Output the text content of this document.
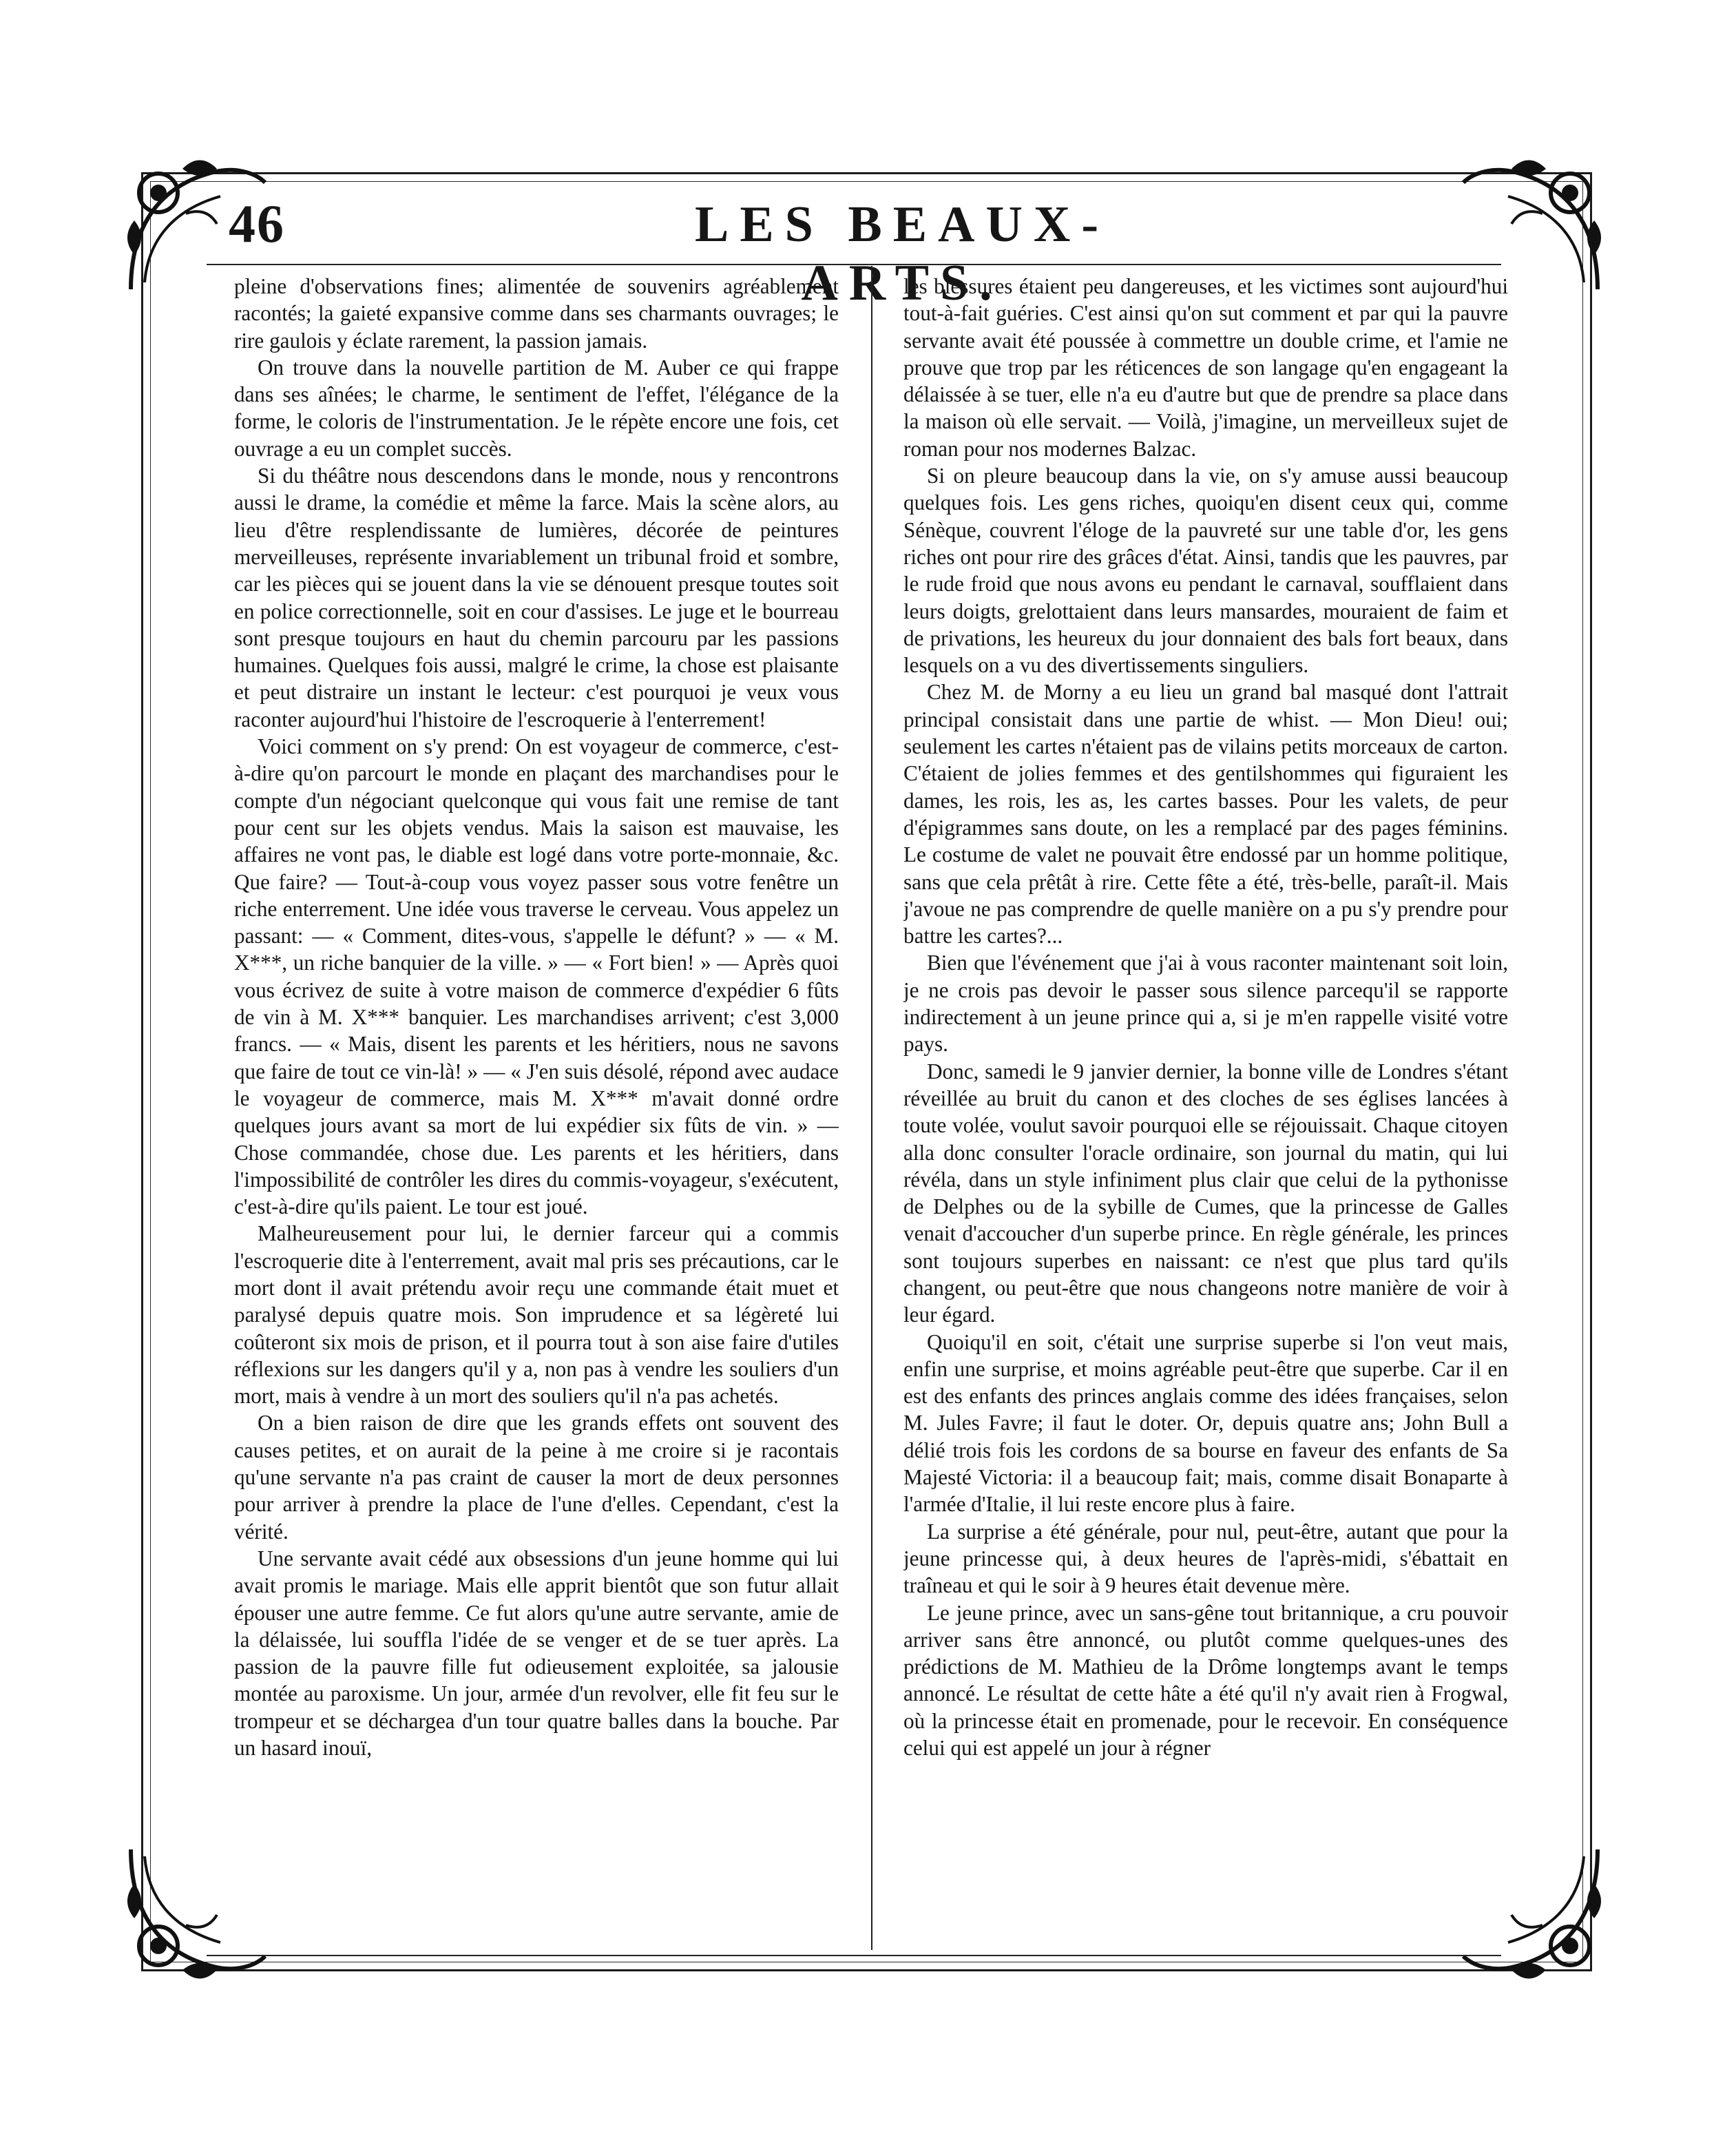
46	LES BEAUX-ARTS.

pleine d'observations fines; alimentée de souvenirs agréablement racontés; la gaieté expansive comme dans ses charmants ouvrages; le rire gaulois y éclate rarement, la passion jamais.

On trouve dans la nouvelle partition de M. Auber ce qui frappe dans ses aînées; le charme, le sentiment de l'effet, l'élégance de la forme, le coloris de l'instrumentation. Je le répète encore une fois, cet ouvrage a eu un complet succès.

Si du théâtre nous descendons dans le monde, nous y rencontrons aussi le drame, la comédie et même la farce. Mais la scène alors, au lieu d'être resplendissante de lumières, décorée de peintures merveilleuses, représente invariablement un tribunal froid et sombre, car les pièces qui se jouent dans la vie se dénouent presque toutes soit en police correctionnelle, soit en cour d'assises. Le juge et le bourreau sont presque toujours en haut du chemin parcouru par les passions humaines. Quelques fois aussi, malgré le crime, la chose est plaisante et peut distraire un instant le lecteur: c'est pourquoi je veux vous raconter aujourd'hui l'histoire de l'escroquerie à l'enterrement!

Voici comment on s'y prend: On est voyageur de commerce, c'est-à-dire qu'on parcourt le monde en plaçant des marchandises pour le compte d'un négociant quelconque qui vous fait une remise de tant pour cent sur les objets vendus. Mais la saison est mauvaise, les affaires ne vont pas, le diable est logé dans votre porte-monnaie, &c. Que faire? — Tout-à-coup vous voyez passer sous votre fenêtre un riche enterrement. Une idée vous traverse le cerveau. Vous appelez un passant: — « Comment, dites-vous, s'appelle le défunt? » — « M. X***, un riche banquier de la ville. » — « Fort bien! » — Après quoi vous écrivez de suite à votre maison de commerce d'expédier 6 fûts de vin à M. X*** banquier. Les marchandises arrivent; c'est 3,000 francs. — « Mais, disent les parents et les héritiers, nous ne savons que faire de tout ce vin-là! » — « J'en suis désolé, répond avec audace le voyageur de commerce, mais M. X*** m'avait donné ordre quelques jours avant sa mort de lui expédier six fûts de vin. » — Chose commandée, chose due. Les parents et les héritiers, dans l'impossibilité de contrôler les dires du commis-voyageur, s'exécutent, c'est-à-dire qu'ils paient. Le tour est joué.

Malheureusement pour lui, le dernier farceur qui a commis l'escroquerie dite à l'enterrement, avait mal pris ses précautions, car le mort dont il avait prétendu avoir reçu une commande était muet et paralysé depuis quatre mois. Son imprudence et sa légèreté lui coûteront six mois de prison, et il pourra tout à son aise faire d'utiles réflexions sur les dangers qu'il y a, non pas à vendre les souliers d'un mort, mais à vendre à un mort des souliers qu'il n'a pas achetés.

On a bien raison de dire que les grands effets ont souvent des causes petites, et on aurait de la peine à me croire si je racontais qu'une servante n'a pas craint de causer la mort de deux personnes pour arriver à prendre la place de l'une d'elles. Cependant, c'est la vérité.

Une servante avait cédé aux obsessions d'un jeune homme qui lui avait promis le mariage. Mais elle apprit bientôt que son futur allait épouser une autre femme. Ce fut alors qu'une autre servante, amie de la délaissée, lui souffla l'idée de se venger et de se tuer après. La passion de la pauvre fille fut odieusement exploitée, sa jalousie montée au paroxisme. Un jour, armée d'un revolver, elle fit feu sur le trompeur et se déchargea d'un tour quatre balles dans la bouche. Par un hasard inouï,

les blessures étaient peu dangereuses, et les victimes sont aujourd'hui tout-à-fait guéries. C'est ainsi qu'on sut comment et par qui la pauvre servante avait été poussée à commettre un double crime, et l'amie ne prouve que trop par les réticences de son langage qu'en engageant la délaissée à se tuer, elle n'a eu d'autre but que de prendre sa place dans la maison où elle servait. — Voilà, j'imagine, un merveilleux sujet de roman pour nos modernes Balzac.

Si on pleure beaucoup dans la vie, on s'y amuse aussi beaucoup quelques fois. Les gens riches, quoiqu'en disent ceux qui, comme Sénèque, couvrent l'éloge de la pauvreté sur une table d'or, les gens riches ont pour rire des grâces d'état. Ainsi, tandis que les pauvres, par le rude froid que nous avons eu pendant le carnaval, soufflaient dans leurs doigts, grelottaient dans leurs mansardes, mouraient de faim et de privations, les heureux du jour donnaient des bals fort beaux, dans lesquels on a vu des divertissements singuliers.

Chez M. de Morny a eu lieu un grand bal masqué dont l'attrait principal consistait dans une partie de whist. — Mon Dieu! oui; seulement les cartes n'étaient pas de vilains petits morceaux de carton. C'étaient de jolies femmes et des gentilshommes qui figuraient les dames, les rois, les as, les cartes basses. Pour les valets, de peur d'épigrammes sans doute, on les a remplacé par des pages féminins. Le costume de valet ne pouvait être endossé par un homme politique, sans que cela prêtât à rire. Cette fête a été, très-belle, paraît-il. Mais j'avoue ne pas comprendre de quelle manière on a pu s'y prendre pour battre les cartes?...

Bien que l'événement que j'ai à vous raconter maintenant soit loin, je ne crois pas devoir le passer sous silence parcequ'il se rapporte indirectement à un jeune prince qui a, si je m'en rappelle visité votre pays.

Donc, samedi le 9 janvier dernier, la bonne ville de Londres s'étant réveillée au bruit du canon et des cloches de ses églises lancées à toute volée, voulut savoir pourquoi elle se réjouissait. Chaque citoyen alla donc consulter l'oracle ordinaire, son journal du matin, qui lui révéla, dans un style infiniment plus clair que celui de la pythonisse de Delphes ou de la sybille de Cumes, que la princesse de Galles venait d'accoucher d'un superbe prince. En règle générale, les princes sont toujours superbes en naissant: ce n'est que plus tard qu'ils changent, ou peut-être que nous changeons notre manière de voir à leur égard.

Quoiqu'il en soit, c'était une surprise superbe si l'on veut mais, enfin une surprise, et moins agréable peut-être que superbe. Car il en est des enfants des princes anglais comme des idées françaises, selon M. Jules Favre; il faut le doter. Or, depuis quatre ans; John Bull a délié trois fois les cordons de sa bourse en faveur des enfants de Sa Majesté Victoria: il a beaucoup fait; mais, comme disait Bonaparte à l'armée d'Italie, il lui reste encore plus à faire.

La surprise a été générale, pour nul, peut-être, autant que pour la jeune princesse qui, à deux heures de l'après-midi, s'ébattait en traîneau et qui le soir à 9 heures était devenue mère.

Le jeune prince, avec un sans-gêne tout britannique, a cru pouvoir arriver sans être annoncé, ou plutôt comme quelques-unes des prédictions de M. Mathieu de la Drôme longtemps avant le temps annoncé. Le résultat de cette hâte a été qu'il n'y avait rien à Frogwal, où la princesse était en promenade, pour le recevoir. En conséquence celui qui est appelé un jour à régner
